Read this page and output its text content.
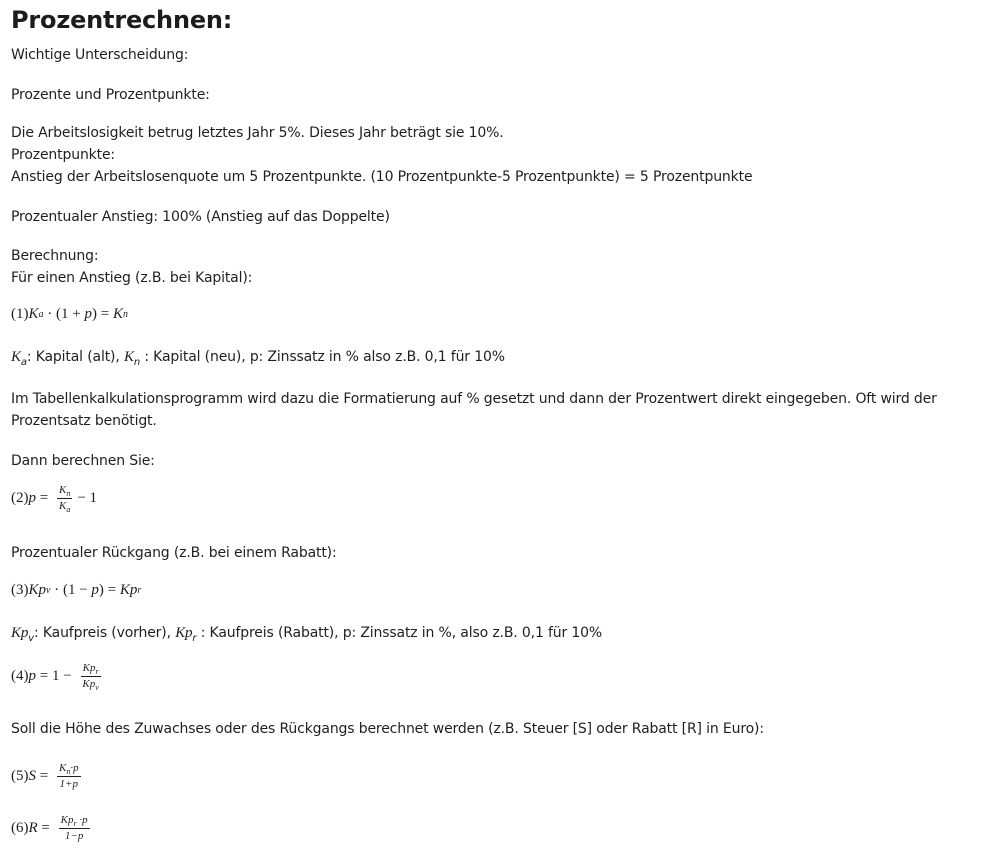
Prozentrechnen:
Wichtige Unterscheidung:
Prozente und Prozentpunkte:
Die Arbeitslosigkeit betrug letztes Jahr 5%. Dieses Jahr beträgt sie 10%.
Prozentpunkte:
Anstieg der Arbeitslosenquote um 5 Prozentpunkte. (10 Prozentpunkte-5 Prozentpunkte) = 5 Prozentpunkte
Prozentualer Anstieg: 100% (Anstieg auf das Doppelte)
Berechnung:
Für einen Anstieg (z.B. bei Kapital):
(1) K a · (1 + p ) = K n
$K_a$: Kapital (alt), $K_n$ : Kapital (neu), p: Zinssatz in % also z.B. 0,1 für 10%
Im Tabellenkalkulationsprogramm wird dazu die Formatierung auf % gesetzt und dann der Prozentwert direkt eingegeben. Oft wird der Prozentsatz benötigt.
Dann berechnen Sie:
(2) $p = \frac{K_n}{K_a} - 1$
Prozentualer Rückgang (z.B. bei einem Rabatt):
(3) Kp v · (1 − p ) = Kp r
$Kp_v$: Kaufpreis (vorher), $Kp_r$ : Kaufpreis (Rabatt), p: Zinssatz in %, also z.B. 0,1 für 10%
(4) $p = 1 - \frac{Kp_r}{Kp_v}$
Soll die Höhe des Zuwachses oder des Rückgangs berechnet werden (z.B. Steuer [S] oder Rabatt [R] in Euro):
(5) $S = \frac{K_n\cdot p}{1+p}$
(6) $R = \frac{Kp_r \cdot p}{1-p}$
